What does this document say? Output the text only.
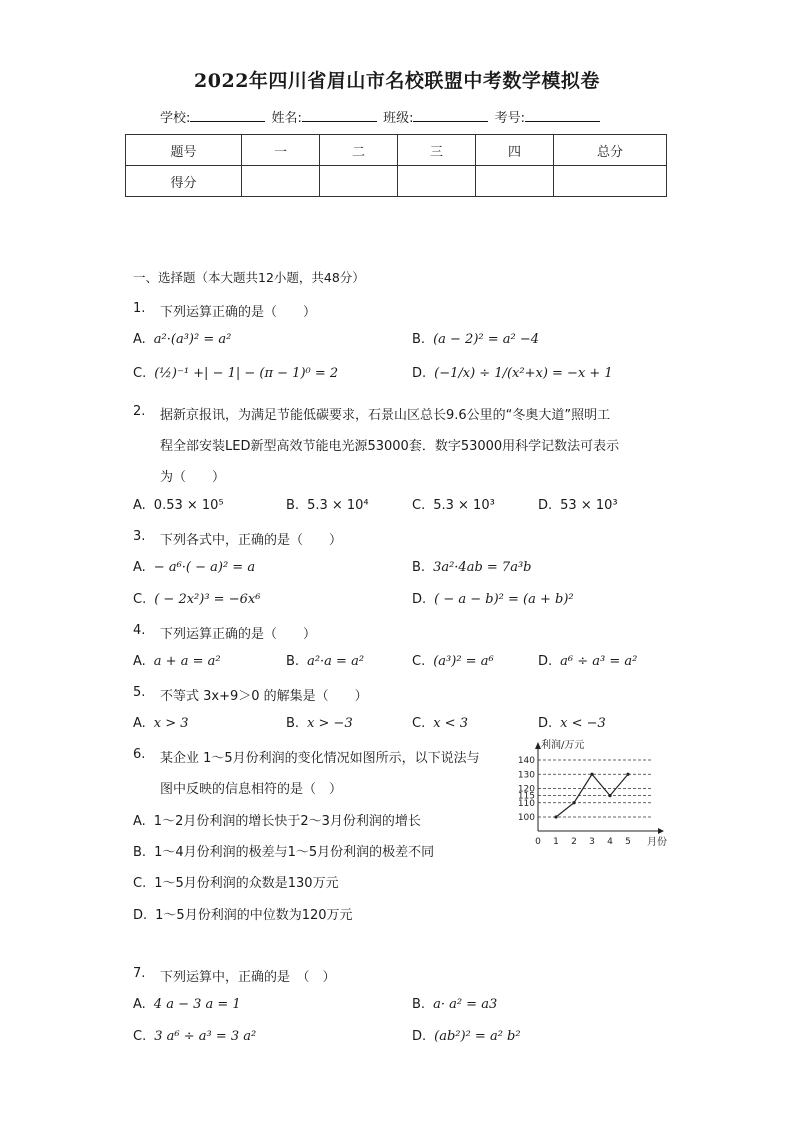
2022年四川省眉山市名校联盟中考数学模拟卷
学校:	姓名:	班级:	考号:
题号	一	二	三	四	总分
得分					
一、选择题（本大题共12小题，共48分）
1. 下列运算正确的是（　　）
A. a²·(a³)² = a²	B. (a − 2)² = a² −4
C. (½)⁻¹ +| − 1| − (π − 1)⁰ = 2	D. (−1/x) ÷ 1/(x²+x) = −x + 1
2. 据新京报讯，为满足节能低碳要求，石景山区总长9.6公里的“冬奥大道”照明工
程全部安装LED新型高效节能电光源53000套．数字53000用科学记数法可表示
为（　　）
A. 0.53 × 10⁵	B. 5.3 × 10⁴	C. 5.3 × 10³	D. 53 × 10³
3. 下列各式中，正确的是（　　）
A. − a⁶·( − a)² = a	B. 3a²·4ab = 7a³b
C. ( − 2x²)³ = −6x⁶	D. ( − a − b)² = (a + b)²
4. 下列运算正确的是（　　）
A. a + a = a²	B. a²·a = a²	C. (a³)² = a⁶	D. a⁶ ÷ a³ = a²
5. 不等式 3x+9＞0 的解集是（　　）
A. x > 3	B. x > −3	C. x < 3	D. x < −3
6. 某企业 1～5月份利润的变化情况如图所示，以下说法与
图中反映的信息相符的是（　）
A. 1～2月份利润的增长快于2～3月份利润的增长
B. 1～4月份利润的极差与1～5月份利润的极差不同
C. 1～5月份利润的众数是130万元
D. 1～5月份利润的中位数为120万元
利润/万元
月份
100
110
115
120
130
140
0 1 2 3 4 5
7. 下列运算中，正确的是　（　）
A. 4 a − 3 a = 1	B. a· a² = a3
C. 3 a⁶ ÷ a³ = 3 a²	D. (ab²)² = a² b²
